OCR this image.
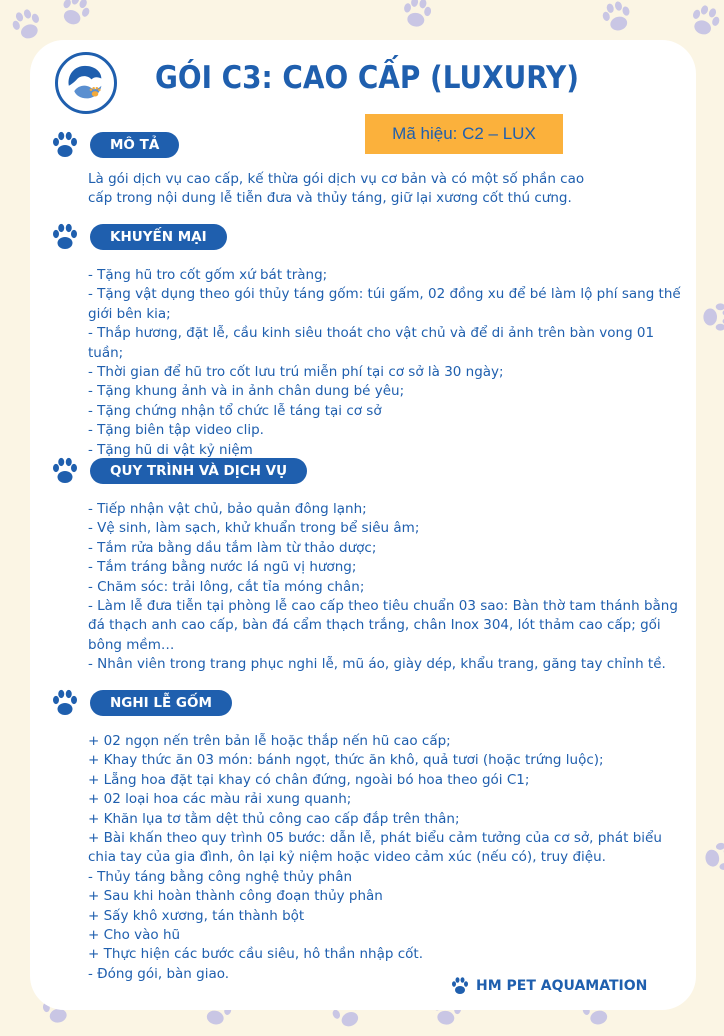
GÓI C3: CAO CẤP (LUXURY)
Mã hiệu: C2 – LUX
MÔ TẢ

Là gói dịch vụ cao cấp, kế thừa gói dịch vụ cơ bản và có một số phần cao cấp trong nội dung lễ tiễn đưa và thủy táng, giữ lại xương cốt thú cưng.

KHUYẾN MẠI
- Tặng hũ tro cốt gốm xứ bát tràng;
- Tặng vật dụng theo gói thủy táng gốm: túi gấm, 02 đồng xu để bé làm lộ phí sang thế giới bên kia;
- Thắp hương, đặt lễ, cầu kinh siêu thoát cho vật chủ và để di ảnh trên bàn vong 01 tuần;
- Thời gian để hũ tro cốt lưu trú miễn phí tại cơ sở là 30 ngày;
- Tặng khung ảnh và in ảnh chân dung bé yêu;
- Tặng chứng nhận tổ chức lễ táng tại cơ sở
- Tặng biên tập video clip.
- Tặng hũ di vật kỷ niệm
QUY TRÌNH VÀ DỊCH VỤ
- Tiếp nhận vật chủ, bảo quản đông lạnh;
- Vệ sinh, làm sạch, khử khuẩn trong bể siêu âm;
- Tắm rửa bằng dầu tắm làm từ thảo dược;
- Tắm tráng bằng nước lá ngũ vị hương;
- Chăm sóc: trải lông, cắt tỉa móng chân;
- Làm lễ đưa tiễn tại phòng lễ cao cấp theo tiêu chuẩn 03 sao: Bàn thờ tam thánh bằng đá thạch anh cao cấp, bàn đá cẩm thạch trắng, chân Inox 304, lót thảm cao cấp; gối bông mềm…
- Nhân viên trong trang phục nghi lễ, mũ áo, giày dép, khẩu trang, găng tay chỉnh tề.
NGHI LỄ GỐM
+ 02 ngọn nến trên bản lễ hoặc thắp nến hũ cao cấp;
+ Khay thức ăn 03 món: bánh ngọt, thức ăn khô, quả tươi (hoặc trứng luộc);
+ Lẵng hoa đặt tại khay có chân đứng, ngoài bó hoa theo gói C1;
+ 02 loại hoa các màu rải xung quanh;
+ Khăn lụa tơ tằm dệt thủ công cao cấp đắp trên thân;
+ Bài khấn theo quy trình 05 bước: dẫn lễ, phát biểu cảm tưởng của cơ sở, phát biểu chia tay của gia đình, ôn lại kỷ niệm hoặc video cảm xúc (nếu có), truy điệu.
- Thủy táng bằng công nghệ thủy phân
+ Sau khi hoàn thành công đoạn thủy phân
+ Sấy khô xương, tán thành bột
+ Cho vào hũ
+ Thực hiện các bước cầu siêu, hô thần nhập cốt.
- Đóng gói, bàn giao.
HM PET AQUAMATION
